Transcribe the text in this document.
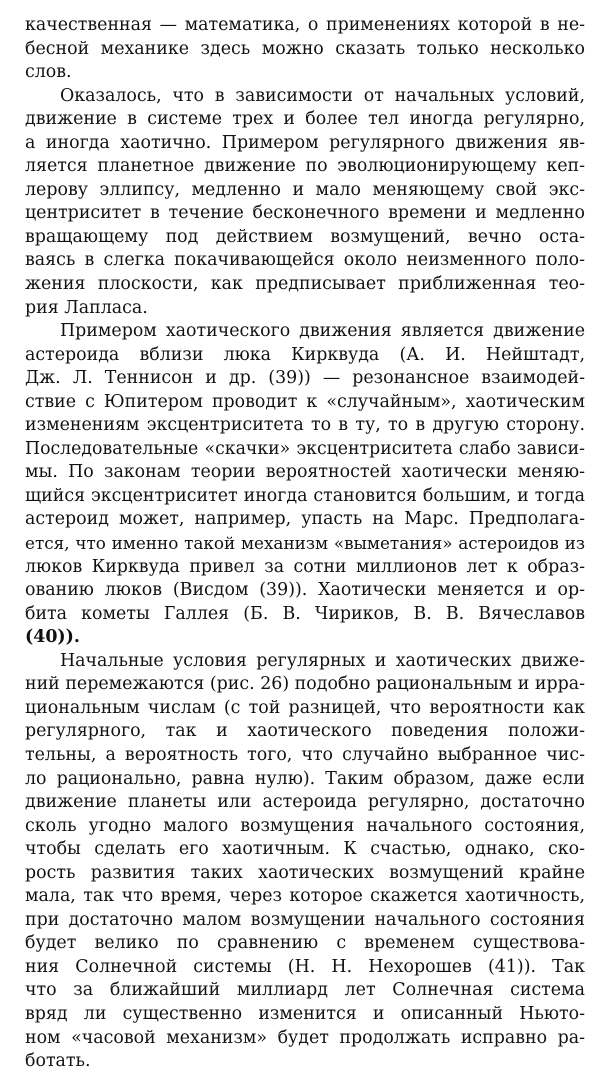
качественная — математика, о применениях которой в не-
бесной механике здесь можно сказать только несколько
слов.

Оказалось, что в зависимости от начальных условий,
движение в системе трех и более тел иногда регулярно,
а иногда хаотично. Примером регулярного движения яв-
ляется планетное движение по эволюционирующему кеп-
лерову эллипсу, медленно и мало меняющему свой экс-
центриситет в течение бесконечного времени и медленно
вращающему под действием возмущений, вечно оста-
ваясь в слегка покачивающейся около неизменного поло-
жения плоскости, как предписывает приближенная тео-
рия Лапласа.

Примером хаотического движения является движение
астероида вблизи люка Кирквуда (А. И. Нейштадт,
Дж. Л. Теннисон и др. (39)) — резонансное взаимодей-
ствие с Юпитером проводит к «случайным», хаотическим
изменениям эксцентриситета то в ту, то в другую сторону.
Последовательные «скачки» эксцентриситета слабо зависи-
мы. По законам теории вероятностей хаотически меняю-
щийся эксцентриситет иногда становится большим, и тогда
астероид может, например, упасть на Марс. Предполага-
ется, что именно такой механизм «выметания» астероидов из
люков Кирквуда привел за сотни миллионов лет к образ-
ованию люков (Висдом (39)). Хаотически меняется и ор-
бита кометы Галлея (Б. В. Чириков, В. В. Вячеславов
(40)).

Начальные условия регулярных и хаотических движе-
ний перемежаются (рис. 26) подобно рациональным и ирра-
циональным числам (с той разницей, что вероятности как
регулярного, так и хаотического поведения положи-
тельны, а вероятность того, что случайно выбранное чис-
ло рационально, равна нулю). Таким образом, даже если
движение планеты или астероида регулярно, достаточно
сколь угодно малого возмущения начального состояния,
чтобы сделать его хаотичным. К счастью, однако, ско-
рость развития таких хаотических возмущений крайне
мала, так что время, через которое скажется хаотичность,
при достаточно малом возмущении начального состояния
будет велико по сравнению с временем существова-
ния Солнечной системы (Н. Н. Нехорошев (41)). Так
что за ближайший миллиард лет Солнечная система
вряд ли существенно изменится и описанный Ньюто-
ном «часовой механизм» будет продолжать исправно ра-
ботать.
